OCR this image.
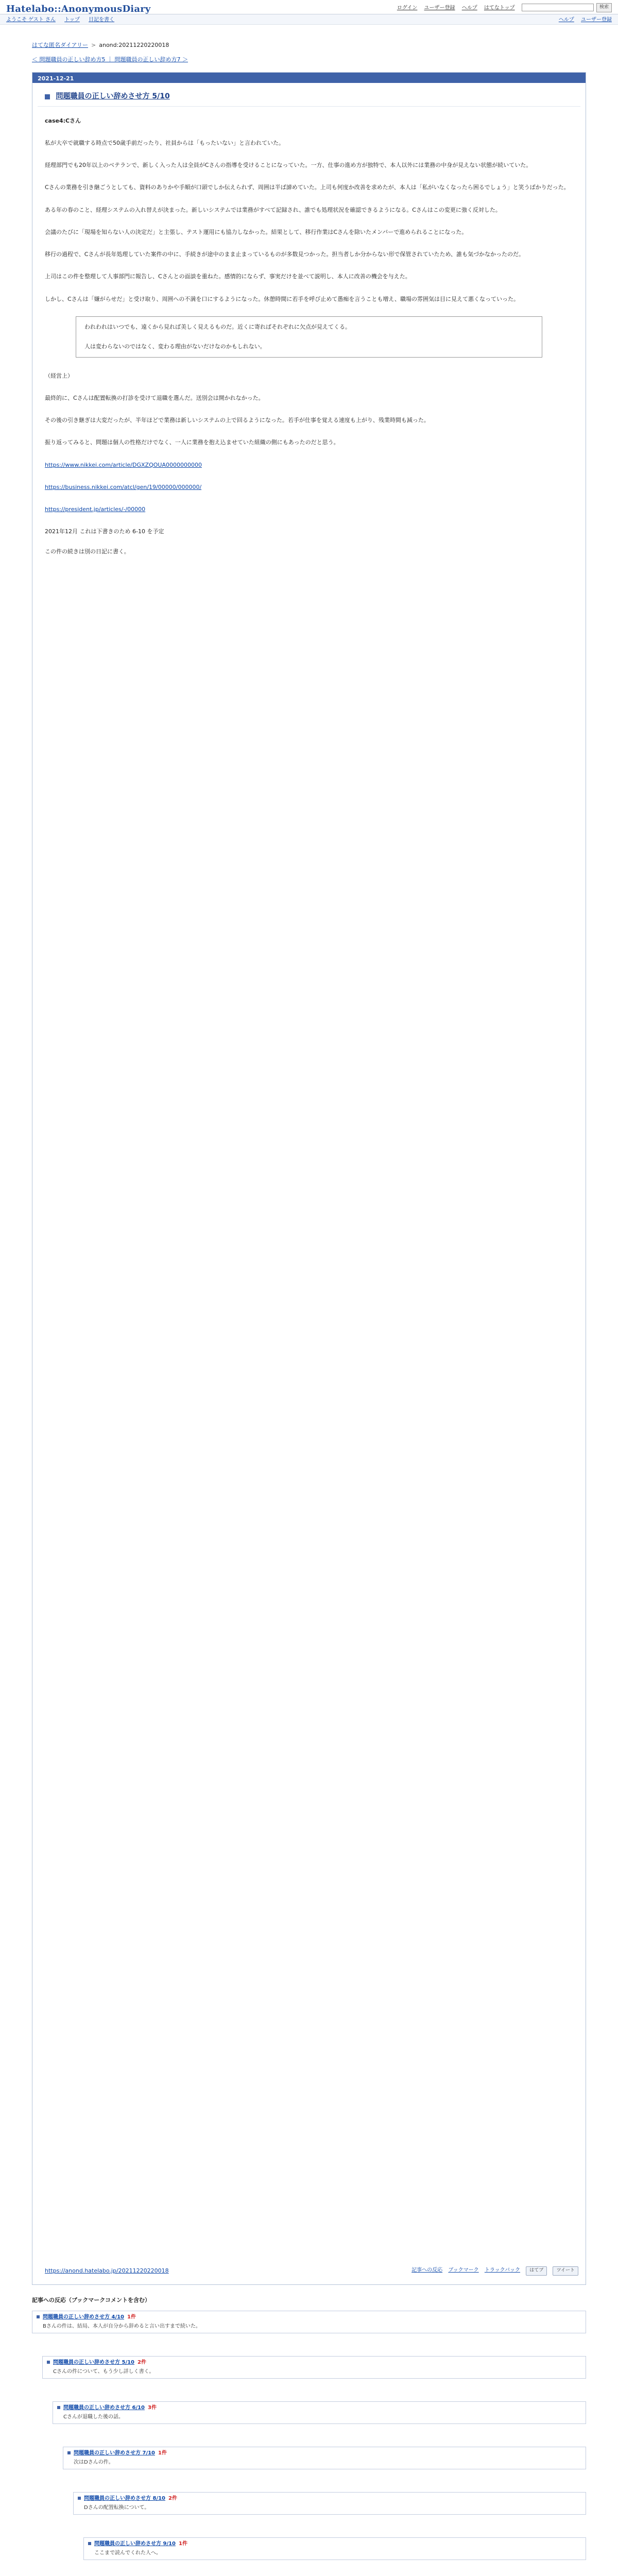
Hatelabo::AnonymousDiary	ログイン ユーザー登録 ヘルプ はてなトップ	検索
ようこそ ゲスト さん トップ 日記を書く	ヘルプ ユーザー登録
はてな匿名ダイアリー > anond:20211220220018
＜ 問題職員の正しい辞め方5 ｜ 問題職員の正しい辞め方7 ＞
2021-12-21
問題職員の正しい辞めさせ方 5/10

case4:Cさん

私が大卒で就職する時点で50歳手前だったり、社員からは「もったいない」と言われていた。

経理部門でも20年以上のベテランで、新しく入った人は全員がCさんの指導を受けることになっていた。一方、仕事の進め方が独特で、本人以外には業務の中身が見えない状態が続いていた。

Cさんの業務を引き継ごうとしても、資料のありかや手順が口頭でしか伝えられず、周囲は半ば諦めていた。上司も何度か改善を求めたが、本人は「私がいなくなったら困るでしょう」と笑うばかりだった。

ある年の春のこと、経理システムの入れ替えが決まった。新しいシステムでは業務がすべて記録され、誰でも処理状況を確認できるようになる。Cさんはこの変更に強く反対した。

会議のたびに「現場を知らない人の決定だ」と主張し、テスト運用にも協力しなかった。結果として、移行作業はCさんを除いたメンバーで進められることになった。

移行の過程で、Cさんが長年処理していた案件の中に、手続きが途中のまま止まっているものが多数見つかった。担当者しか分からない形で保管されていたため、誰も気づかなかったのだ。

上司はこの件を整理して人事部門に報告し、Cさんとの面談を重ねた。感情的にならず、事実だけを並べて説明し、本人に改善の機会を与えた。

しかし、Cさんは「嫌がらせだ」と受け取り、周囲への不満を口にするようになった。休憩時間に若手を呼び止めて愚痴を言うことも増え、職場の雰囲気は目に見えて悪くなっていった。

われわれはいつでも、遠くから見れば美しく見えるものだ。近くに寄ればそれぞれに欠点が見えてくる。

人は変わらないのではなく、変わる理由がないだけなのかもしれない。

（経営上）

最終的に、Cさんは配置転換の打診を受けて退職を選んだ。送別会は開かれなかった。

その後の引き継ぎは大変だったが、半年ほどで業務は新しいシステムの上で回るようになった。若手が仕事を覚える速度も上がり、残業時間も減った。

振り返ってみると、問題は個人の性格だけでなく、一人に業務を抱え込ませていた組織の側にもあったのだと思う。

https://www.nikkei.com/article/DGXZQOUA0000000000

https://business.nikkei.com/atcl/gen/19/00000/000000/

https://president.jp/articles/-/00000

2021年12月 これは下書きのため 6-10 を予定

この件の続きは別の日記に書く。

https://anond.hatelabo.jp/20211220220018	記事への反応 ブックマーク トラックバック はてブ	ツイート
記事への反応（ブックマークコメントを含む）
問題職員の正しい辞めさせ方 4/10 1件
Bさんの件は、結局、本人が自分から辞めると言い出すまで続いた。
問題職員の正しい辞めさせ方 5/10 2件
Cさんの件について、もう少し詳しく書く。
問題職員の正しい辞めさせ方 6/10 3件
Cさんが退職した後の話。
問題職員の正しい辞めさせ方 7/10 1件
次はDさんの件。
問題職員の正しい辞めさせ方 8/10 2件
Dさんの配置転換について。
問題職員の正しい辞めさせ方 9/10 1件
ここまで読んでくれた人へ。
